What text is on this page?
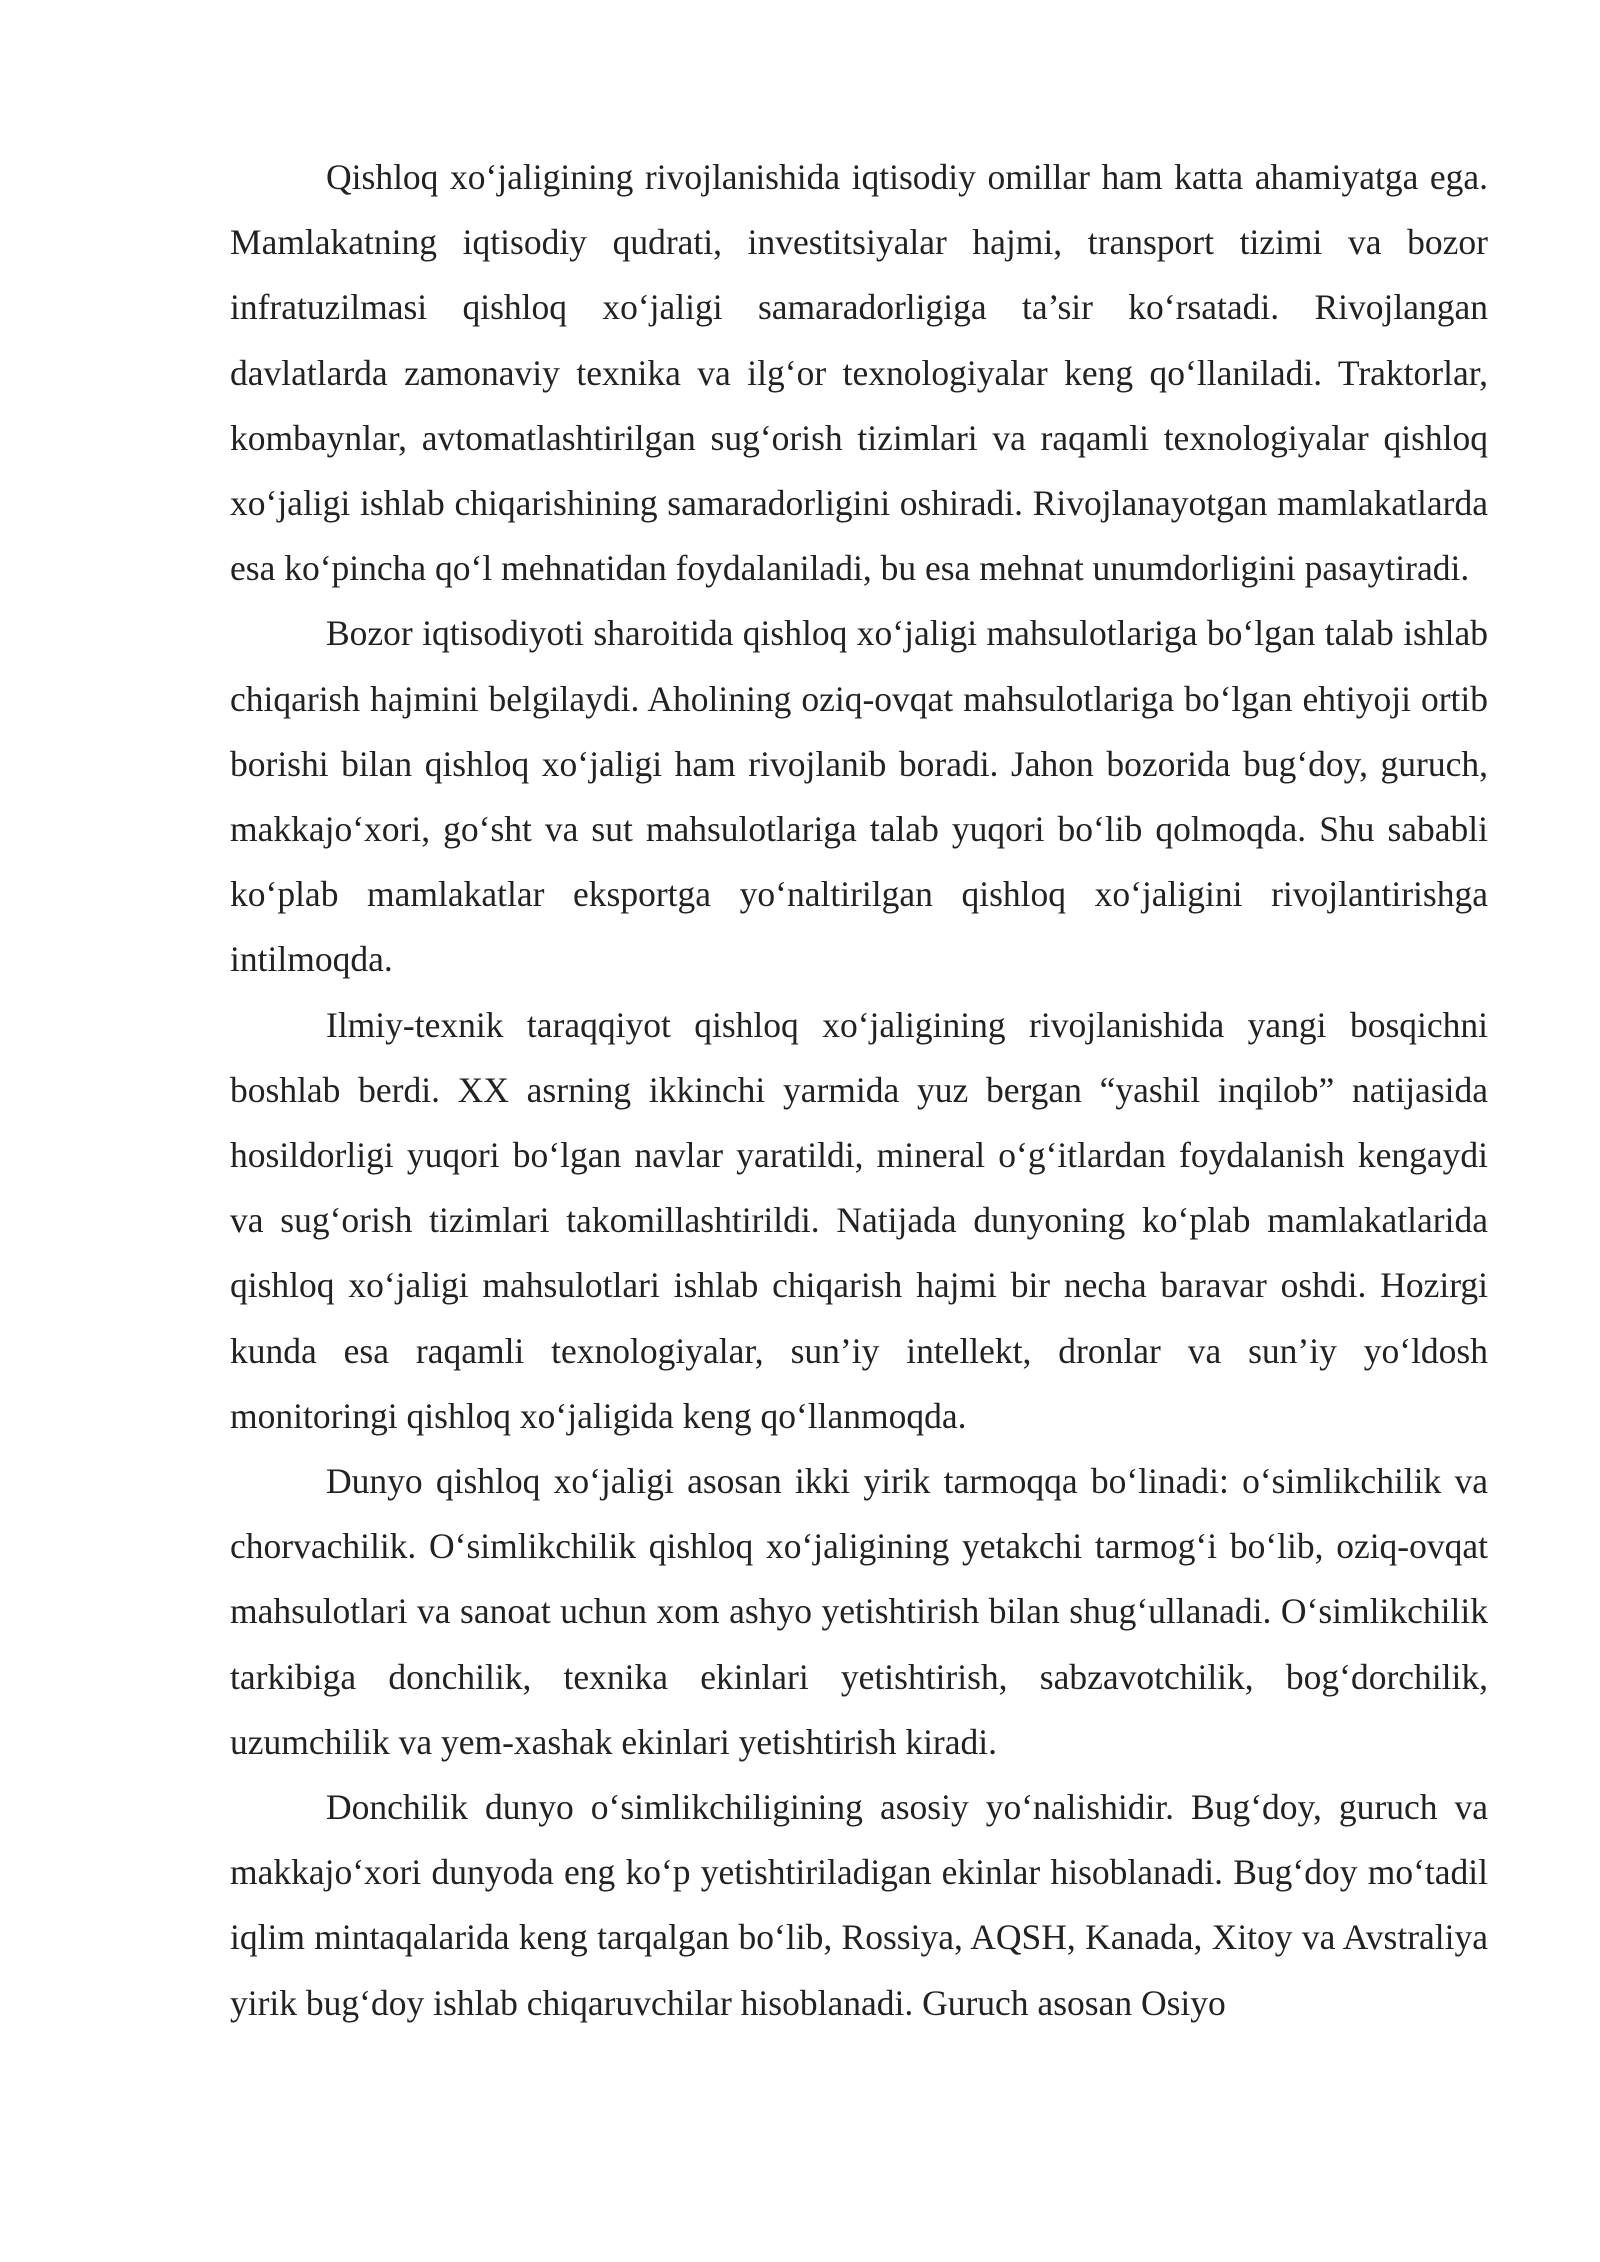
Qishloq xo‘jaligining rivojlanishida iqtisodiy omillar ham katta ahamiyatga ega. Mamlakatning iqtisodiy qudrati, investitsiyalar hajmi, transport tizimi va bozor infratuzilmasi qishloq xo‘jaligi samaradorligiga ta’sir ko‘rsatadi. Rivojlangan davlatlarda zamonaviy texnika va ilg‘or texnologiyalar keng qo‘llaniladi. Traktorlar, kombaynlar, avtomatlashtirilgan sug‘orish tizimlari va raqamli texnologiyalar qishloq xo‘jaligi ishlab chiqarishining samaradorligini oshiradi. Rivojlanayotgan mamlakatlarda esa ko‘pincha qo‘l mehnatidan foydalaniladi, bu esa mehnat unumdorligini pasaytiradi.

Bozor iqtisodiyoti sharoitida qishloq xo‘jaligi mahsulotlariga bo‘lgan talab ishlab chiqarish hajmini belgilaydi. Aholining oziq-ovqat mahsulotlariga bo‘lgan ehtiyoji ortib borishi bilan qishloq xo‘jaligi ham rivojlanib boradi. Jahon bozorida bug‘doy, guruch, makkajo‘xori, go‘sht va sut mahsulotlariga talab yuqori bo‘lib qolmoqda. Shu sababli ko‘plab mamlakatlar eksportga yo‘naltirilgan qishloq xo‘jaligini rivojlantirishga intilmoqda.

Ilmiy-texnik taraqqiyot qishloq xo‘jaligining rivojlanishida yangi bosqichni boshlab berdi. XX asrning ikkinchi yarmida yuz bergan “yashil inqilob” natijasida hosildorligi yuqori bo‘lgan navlar yaratildi, mineral o‘g‘itlardan foydalanish kengaydi va sug‘orish tizimlari takomillashtirildi. Natijada dunyoning ko‘plab mamlakatlarida qishloq xo‘jaligi mahsulotlari ishlab chiqarish hajmi bir necha baravar oshdi. Hozirgi kunda esa raqamli texnologiyalar, sun’iy intellekt, dronlar va sun’iy yo‘ldosh monitoringi qishloq xo‘jaligida keng qo‘llanmoqda.

Dunyo qishloq xo‘jaligi asosan ikki yirik tarmoqqa bo‘linadi: o‘simlikchilik va chorvachilik. O‘simlikchilik qishloq xo‘jaligining yetakchi tarmog‘i bo‘lib, oziq-ovqat mahsulotlari va sanoat uchun xom ashyo yetishtirish bilan shug‘ullanadi. O‘simlikchilik tarkibiga donchilik, texnika ekinlari yetishtirish, sabzavotchilik, bog‘dorchilik, uzumchilik va yem-xashak ekinlari yetishtirish kiradi.

Donchilik dunyo o‘simlikchiligining asosiy yo‘nalishidir. Bug‘doy, guruch va makkajo‘xori dunyoda eng ko‘p yetishtiriladigan ekinlar hisoblanadi. Bug‘doy mo‘tadil iqlim mintaqalarida keng tarqalgan bo‘lib, Rossiya, AQSH, Kanada, Xitoy va Avstraliya yirik bug‘doy ishlab chiqaruvchilar hisoblanadi. Guruch asosan Osiyo
